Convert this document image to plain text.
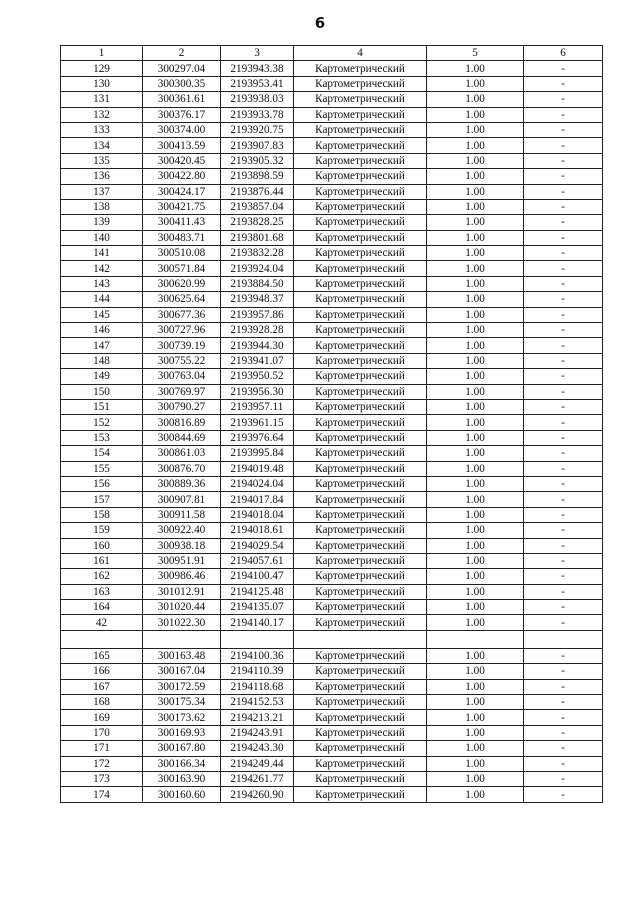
6
1	2	3	4	5	6
129	300297.04	2193943.38	Картометрический	1.00	-
130	300300.35	2193953.41	Картометрический	1.00	-
131	300361.61	2193938.03	Картометрический	1.00	-
132	300376.17	2193933.78	Картометрический	1.00	-
133	300374.00	2193920.75	Картометрический	1.00	-
134	300413.59	2193907.83	Картометрический	1.00	-
135	300420.45	2193905.32	Картометрический	1.00	-
136	300422.80	2193898.59	Картометрический	1.00	-
137	300424.17	2193876.44	Картометрический	1.00	-
138	300421.75	2193857.04	Картометрический	1.00	-
139	300411.43	2193828.25	Картометрический	1.00	-
140	300483.71	2193801.68	Картометрический	1.00	-
141	300510.08	2193832.28	Картометрический	1.00	-
142	300571.84	2193924.04	Картометрический	1.00	-
143	300620.99	2193884.50	Картометрический	1.00	-
144	300625.64	2193948.37	Картометрический	1.00	-
145	300677.36	2193957.86	Картометрический	1.00	-
146	300727.96	2193928.28	Картометрический	1.00	-
147	300739.19	2193944.30	Картометрический	1.00	-
148	300755.22	2193941.07	Картометрический	1.00	-
149	300763.04	2193950.52	Картометрический	1.00	-
150	300769.97	2193956.30	Картометрический	1.00	-
151	300790.27	2193957.11	Картометрический	1.00	-
152	300816.89	2193961.15	Картометрический	1.00	-
153	300844.69	2193976.64	Картометрический	1.00	-
154	300861.03	2193995.84	Картометрический	1.00	-
155	300876.70	2194019.48	Картометрический	1.00	-
156	300889.36	2194024.04	Картометрический	1.00	-
157	300907.81	2194017.84	Картометрический	1.00	-
158	300911.58	2194018.04	Картометрический	1.00	-
159	300922.40	2194018.61	Картометрический	1.00	-
160	300938.18	2194029.54	Картометрический	1.00	-
161	300951.91	2194057.61	Картометрический	1.00	-
162	300986.46	2194100.47	Картометрический	1.00	-
163	301012.91	2194125.48	Картометрический	1.00	-
164	301020.44	2194135.07	Картометрический	1.00	-
42	301022.30	2194140.17	Картометрический	1.00	-

165	300163.48	2194100.36	Картометрический	1.00	-
166	300167.04	2194110.39	Картометрический	1.00	-
167	300172.59	2194118.68	Картометрический	1.00	-
168	300175.34	2194152.53	Картометрический	1.00	-
169	300173.62	2194213.21	Картометрический	1.00	-
170	300169.93	2194243.91	Картометрический	1.00	-
171	300167.80	2194243.30	Картометрический	1.00	-
172	300166.34	2194249.44	Картометрический	1.00	-
173	300163.90	2194261.77	Картометрический	1.00	-
174	300160.60	2194260.90	Картометрический	1.00	-
